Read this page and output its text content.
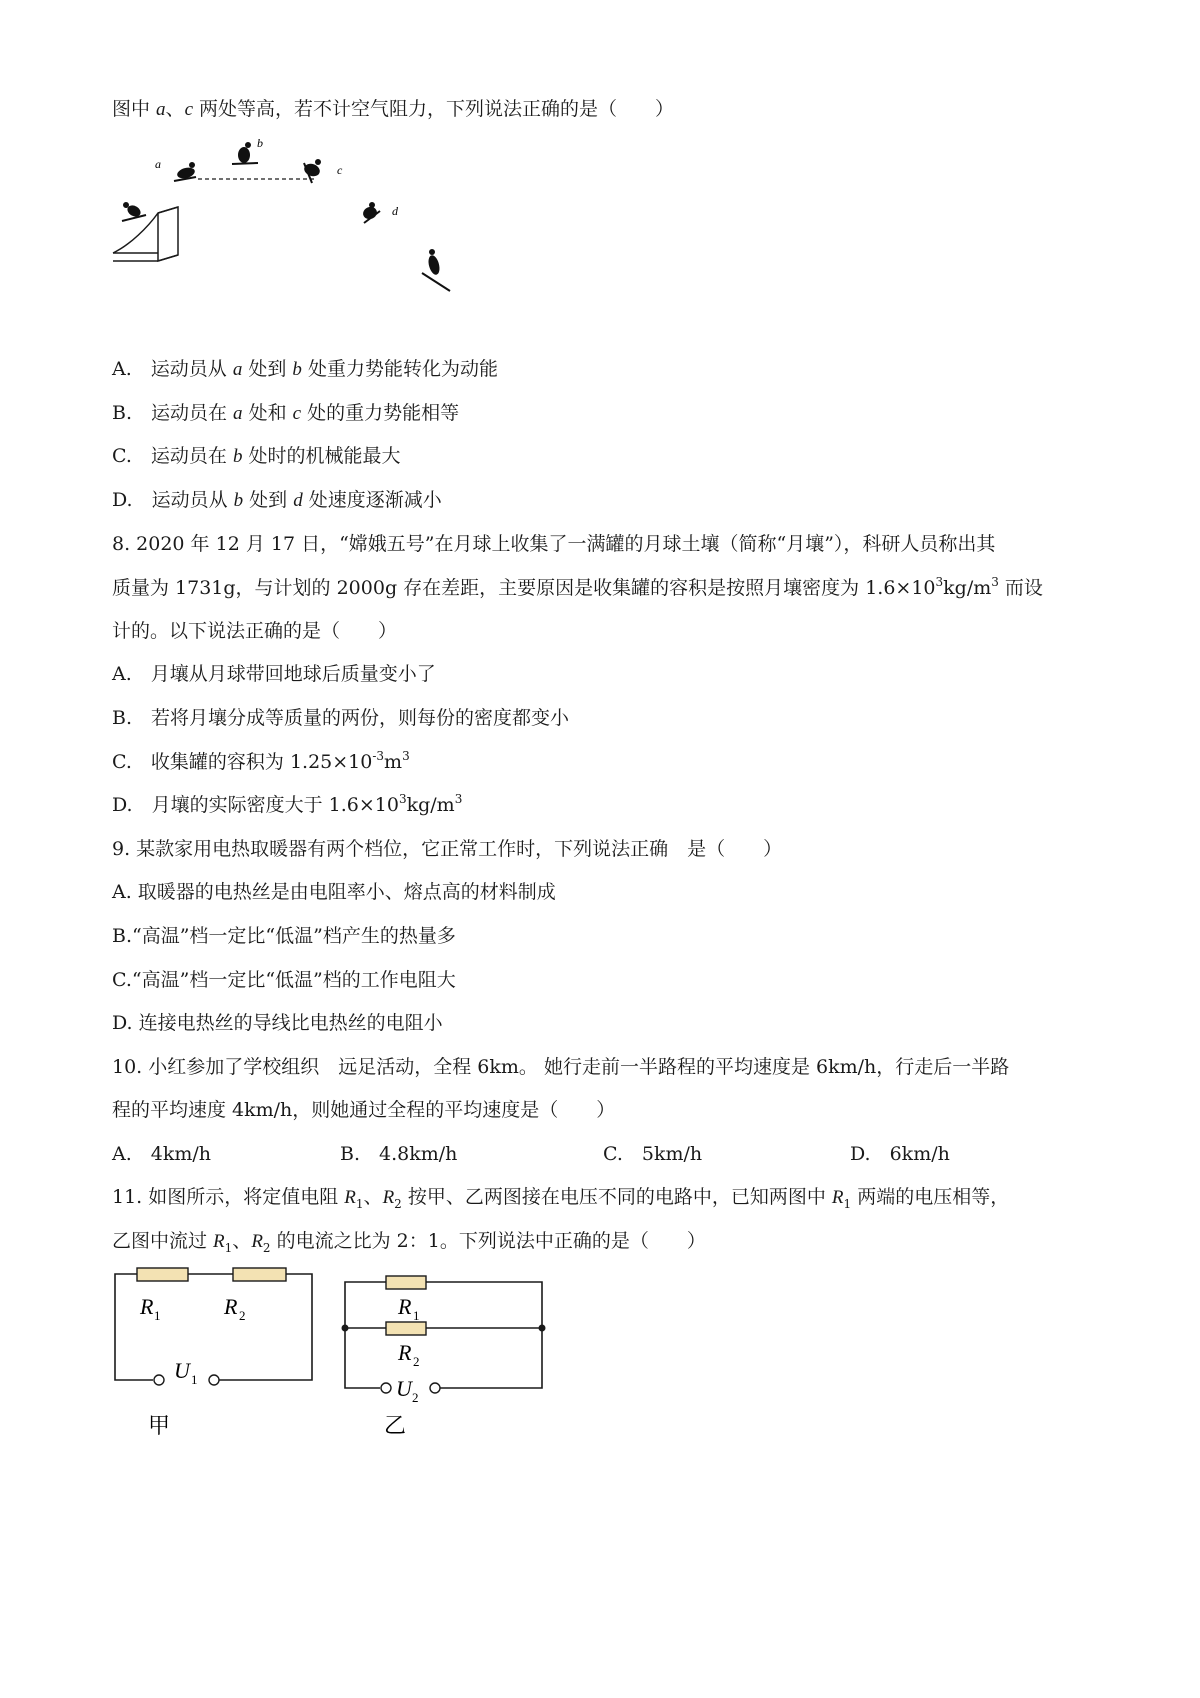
图中 a、c 两处等高，若不计空气阻力，下列说法正确的是（　　）
a
b
c
d
A.　运动员从 a 处到 b 处重力势能转化为动能
B.　运动员在 a 处和 c 处的重力势能相等
C.　运动员在 b 处时的机械能最大
D.　运动员从 b 处到 d 处速度逐渐减小
8. 2020 年 12 月 17 日，“嫦娥五号”在月球上收集了一满罐的月球土壤（简称“月壤”），科研人员称出其
质量为 1731g，与计划的 2000g 存在差距，主要原因是收集罐的容积是按照月壤密度为 $1.6\times 10^3kg/m^3$ 而设
计的。以下说法正确的是（　　）
A.　月壤从月球带回地球后质量变小了
B.　若将月壤分成等质量的两份，则每份的密度都变小
C.　收集罐的容积为 $1.25\times 10^{-3}m^3$
D.　月壤的实际密度大于 $1.6\times 10^3kg/m^3$
9. 某款家用电热取暖器有两个档位，它正常工作时，下列说法正确　是（　　）
A. 取暖器的电热丝是由电阻率小、熔点高的材料制成
B.“高温”档一定比“低温”档产生的热量多
C.“高温”档一定比“低温”档的工作电阻大
D. 连接电热丝的导线比电热丝的电阻小
10. 小红参加了学校组织　远足活动，全程 6km。 她行走前一半路程的平均速度是 6km/h，行走后一半路
程的平均速度 4km/h，则她通过全程的平均速度是（　　）
A.　4km/h	B.　4.8km/h	C.　5km/h	D.　6km/h
11. 如图所示，将定值电阻 $R_1$、$R_2$ 按甲、乙两图接在电压不同的电路中，已知两图中 $R_1$ 两端的电压相等，
乙图中流过 $R_1$、$R_2$ 的电流之比为 2：1。下列说法中正确的是（　　）
R 1	R 2
U 1
甲
R 1
R 2
U 2
乙
